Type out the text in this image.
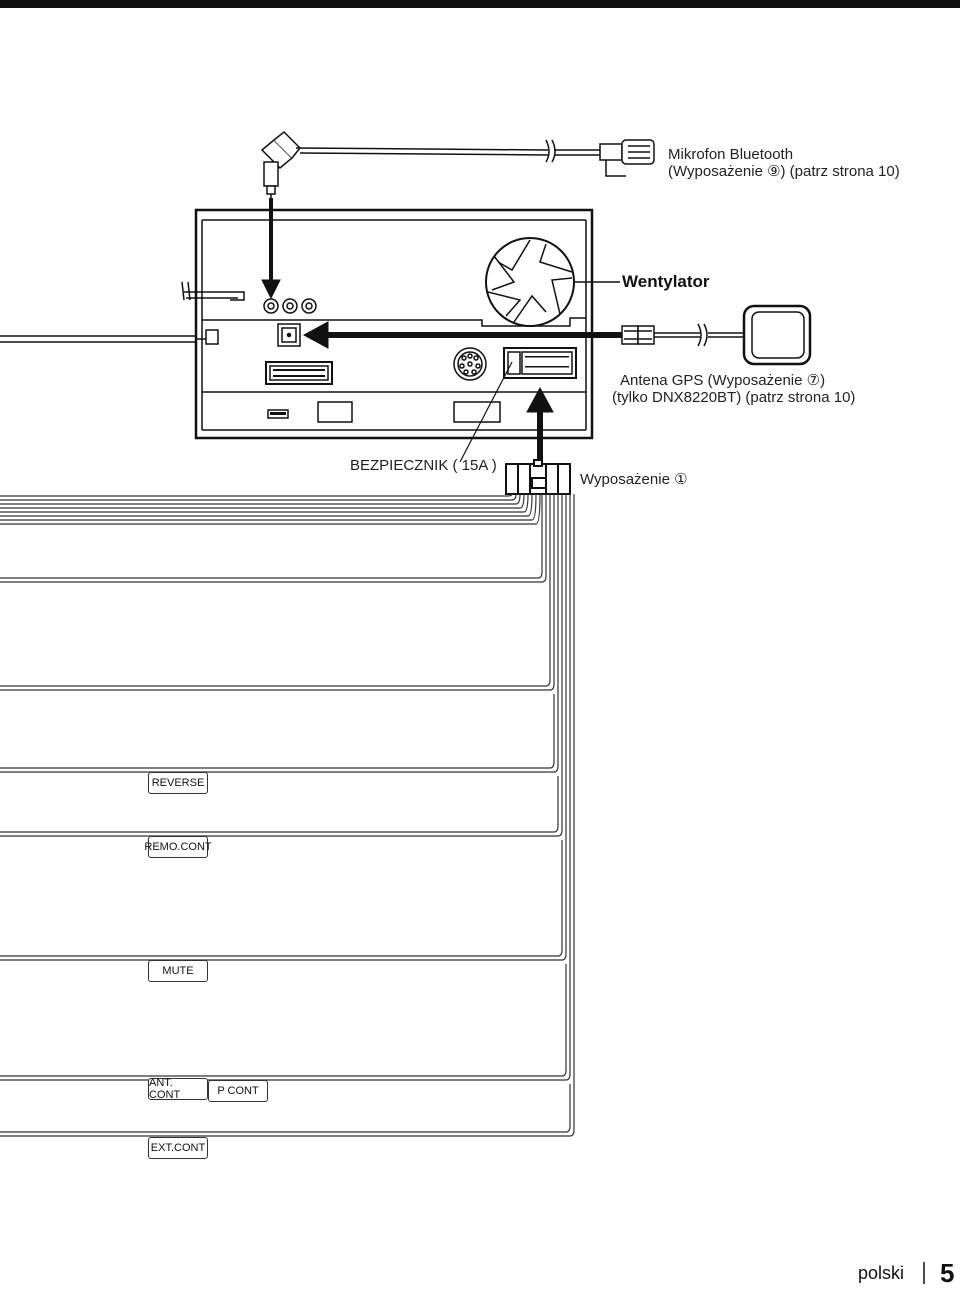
Mikrofon Bluetooth
(Wyposażenie ⑨) (patrz strona 10)
Wentylator
Antena GPS (Wyposażenie ⑦)
(tylko DNX8220BT) (patrz strona 10)
BEZPIECZNIK ( 15A )
Wyposażenie ①
REVERSE
REMO.CONT
MUTE
ANT. CONT	P CONT
EXT.CONT
polski 5
